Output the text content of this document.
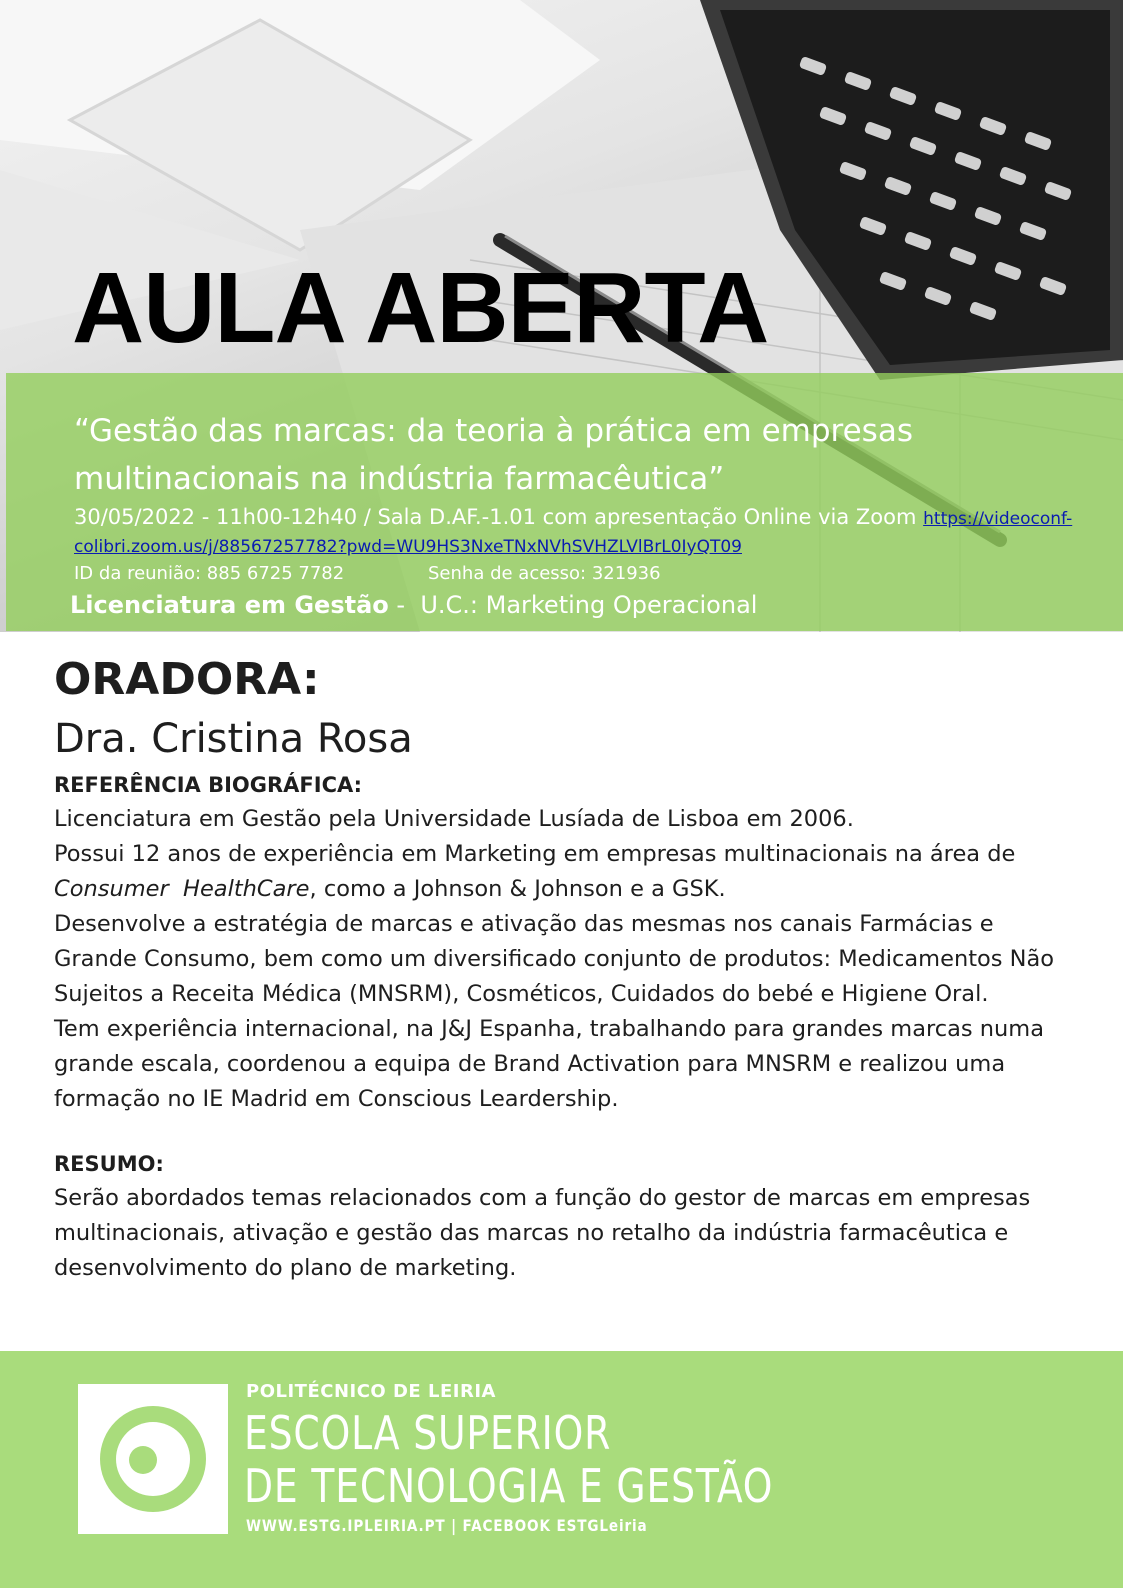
AULA ABERTA
“Gestão das marcas: da teoria à prática em empresas
multinacionais na indústria farmacêutica”
30/05/2022 - 11h00-12h40 / Sala D.AF.-1.01 com apresentação Online via Zoom https://videoconf-
colibri.zoom.us/j/88567257782?pwd=WU9HS3NxeTNxNVhSVHZLVlBrL0IyQT09
ID da reunião: 885 6725 7782	Senha de acesso: 321936
Licenciatura em Gestão -  U.C.: Marketing Operacional
ORADORA:
Dra. Cristina Rosa
REFERÊNCIA BIOGRÁFICA:

Licenciatura em Gestão pela Universidade Lusíada de Lisboa em 2006.

Possui 12 anos de experiência em Marketing em empresas multinacionais na área de Consumer  HealthCare, como a Johnson & Johnson e a GSK.

Desenvolve a estratégia de marcas e ativação das mesmas nos canais Farmácias e Grande Consumo, bem como um diversificado conjunto de produtos: Medicamentos Não Sujeitos a Receita Médica (MNSRM), Cosméticos, Cuidados do bebé e Higiene Oral.

Tem experiência internacional, na J&J Espanha, trabalhando para grandes marcas numa grande escala, coordenou a equipa de Brand Activation para MNSRM e realizou uma formação no IE Madrid em Conscious Leardership.

RESUMO:

Serão abordados temas relacionados com a função do gestor de marcas em empresas multinacionais, ativação e gestão das marcas no retalho da indústria farmacêutica e desenvolvimento do plano de marketing.

POLITÉCNICO DE LEIRIA
ESCOLA SUPERIOR
DE TECNOLOGIA E GESTÃO
WWW.ESTG.IPLEIRIA.PT | FACEBOOK ESTGLeiria
